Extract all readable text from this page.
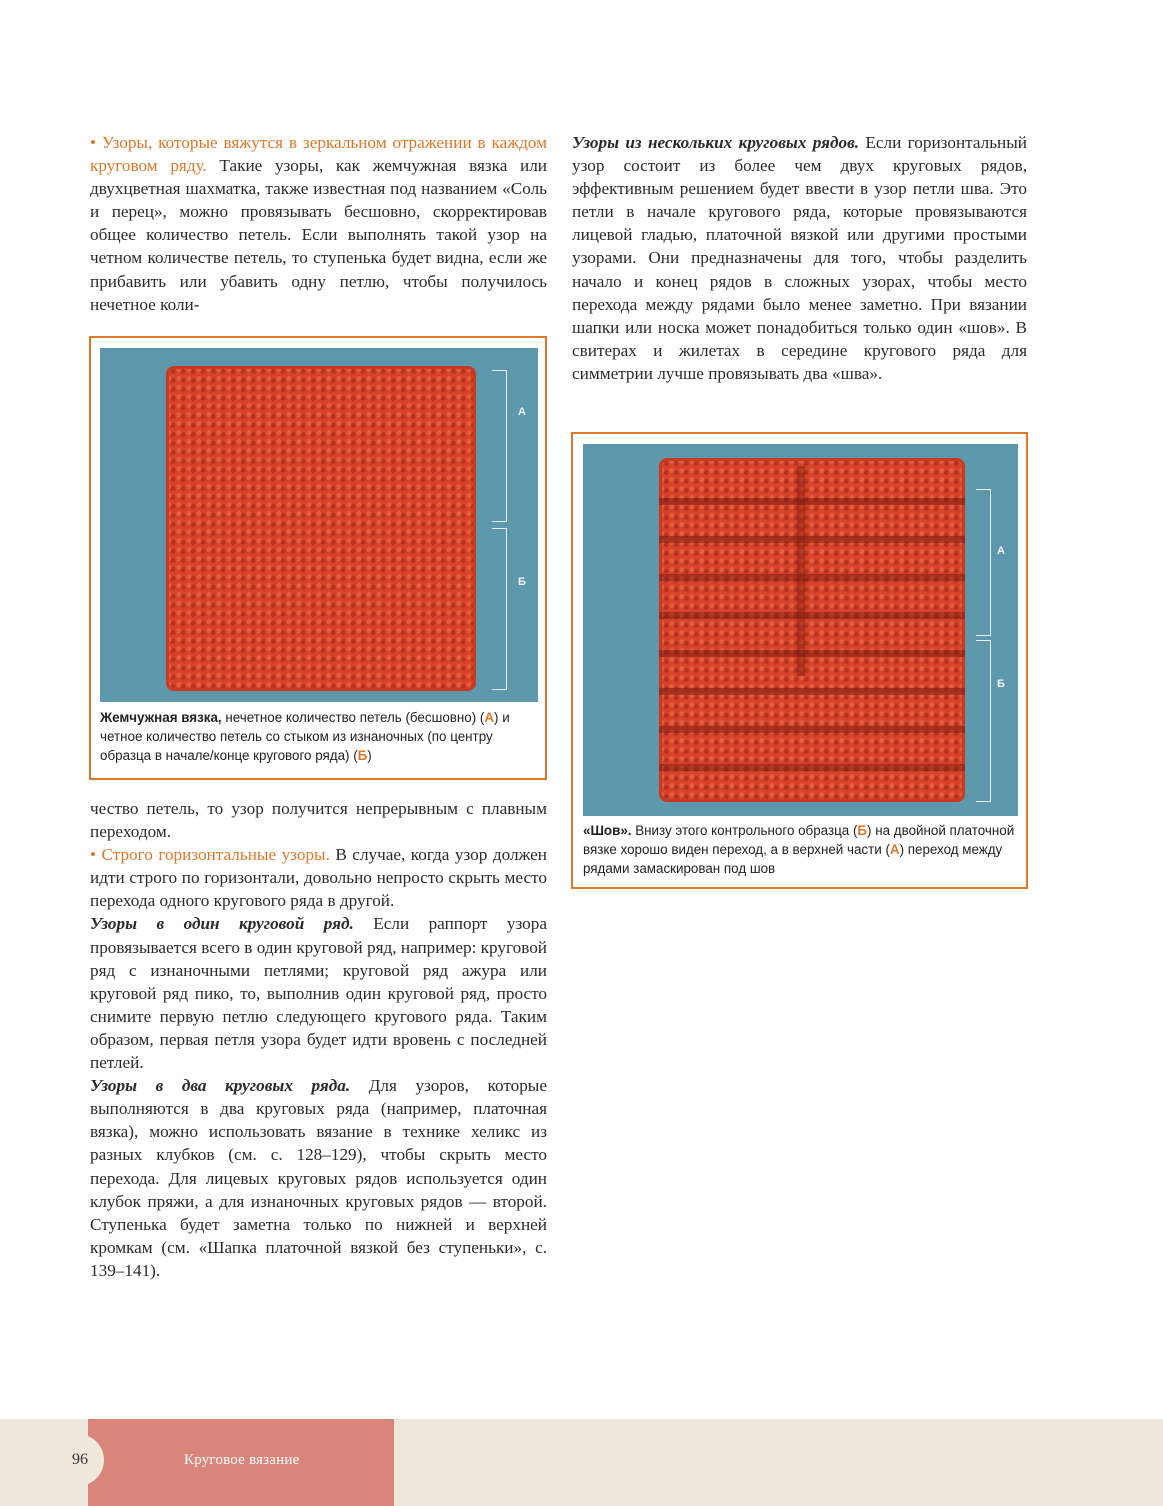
• Узоры, которые вяжутся в зеркальном отражении в каждом круговом ряду. Такие узоры, как жемчужная вязка или двухцветная шахматка, также известная под названием «Соль и перец», можно провязывать бесшовно, скорректировав общее количество петель. Если выполнять такой узор на четном количестве петель, то ступенька будет видна, если же прибавить или убавить одну петлю, чтобы получилось нечетное коли-

А
Б
Жемчужная вязка, нечетное количество петель (бесшовно) (А) и четное количество петель со стыком из изнаночных (по центру образца в начале/конце кругового ряда) (Б)

чество петель, то узор получится непрерывным с плавным переходом.

• Строго горизонтальные узоры. В случае, когда узор должен идти строго по горизонтали, довольно непросто скрыть место перехода одного кругового ряда в другой.

Узоры в один круговой ряд. Если раппорт узора провязывается всего в один круговой ряд, например: круговой ряд с изнаночными петлями; круговой ряд ажура или круговой ряд пико, то, выполнив один круговой ряд, просто снимите первую петлю следующего кругового ряда. Таким образом, первая петля узора будет идти вровень с последней петлей.

Узоры в два круговых ряда. Для узоров, которые выполняются в два круговых ряда (например, платочная вязка), можно использовать вязание в технике хеликс из разных клубков (см. с. 128–129), чтобы скрыть место перехода. Для лицевых круговых рядов используется один клубок пряжи, а для изнаночных круговых рядов — второй. Ступенька будет заметна только по нижней и верхней кромкам (см. «Шапка платочной вязкой без ступеньки», с. 139–141).

Узоры из нескольких круговых рядов. Если горизонтальный узор состоит из более чем двух круговых рядов, эффективным решением будет ввести в узор петли шва. Это петли в начале кругового ряда, которые провязываются лицевой гладью, платочной вязкой или другими простыми узорами. Они предназначены для того, чтобы разделить начало и конец рядов в сложных узорах, чтобы место перехода между рядами было менее заметно. При вязании шапки или носка может понадобиться только один «шов». В свитерах и жилетах в середине кругового ряда для симметрии лучше провязывать два «шва».

А
Б
«Шов». Внизу этого контрольного образца (Б) на двойной платочной вязке хорошо виден переход, а в верхней части (А) переход между рядами замаскирован под шов
96	Круговое вязание
